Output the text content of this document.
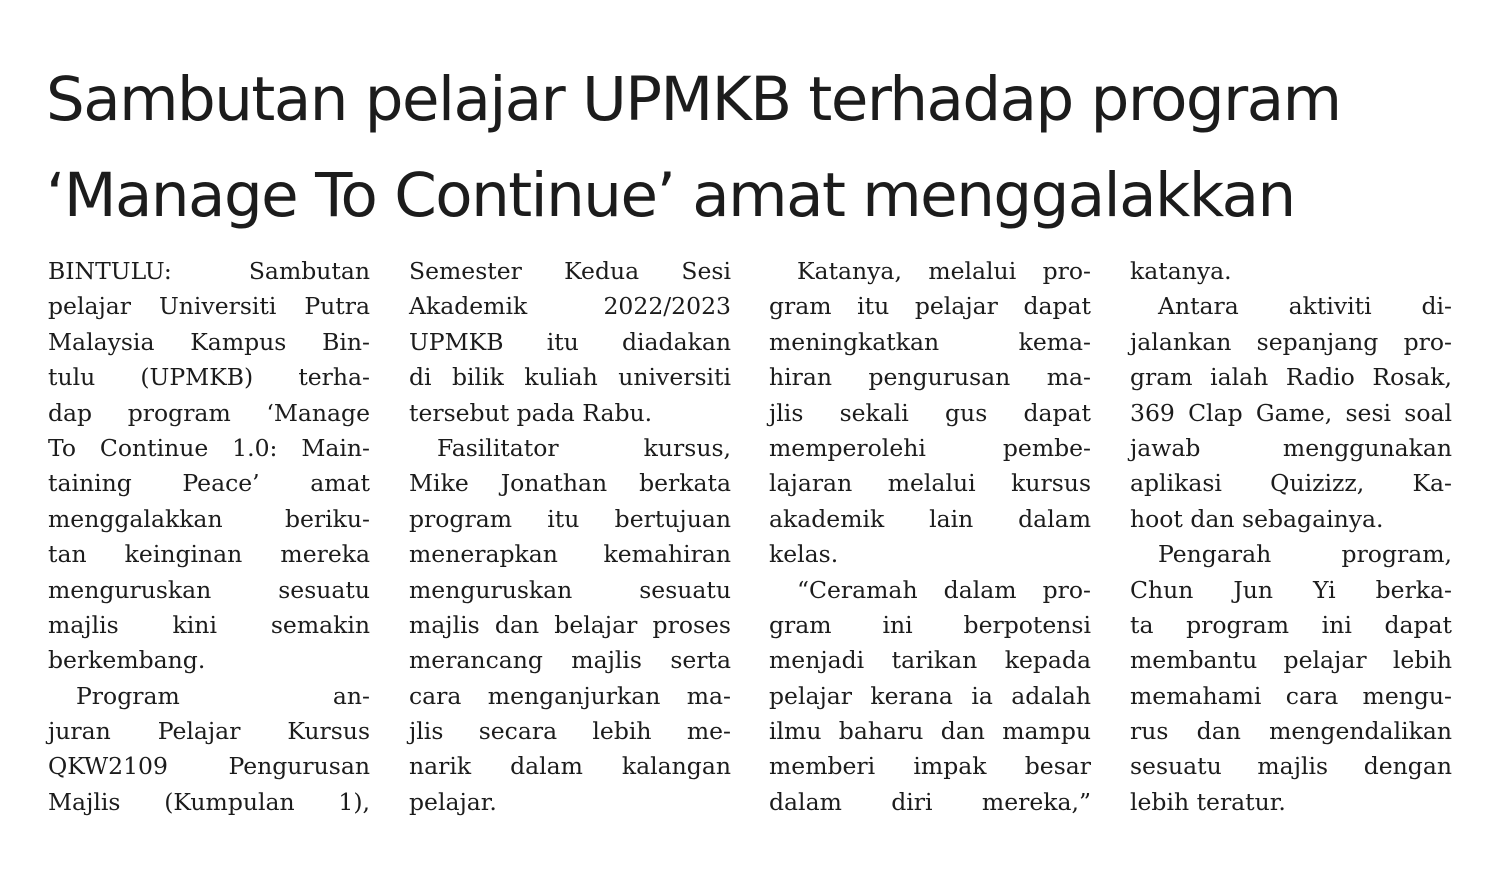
Sambutan pelajar UPMKB terhadap program
‘Manage To Continue’ amat menggalakkan
BINTULU: Sambutan
pelajar Universiti Putra
Malaysia Kampus Bin-
tulu (UPMKB) terha-
dap program ‘Manage
To Continue 1.0: Main-
taining Peace’ amat
menggalakkan beriku-
tan keinginan mereka
menguruskan sesuatu
majlis kini semakin
berkembang.
Program an-
juran Pelajar Kursus
QKW2109 Pengurusan
Majlis (Kumpulan 1),
Semester Kedua Sesi
Akademik 2022/2023
UPMKB itu diadakan
di bilik kuliah universiti
tersebut pada Rabu.
Fasilitator kursus,
Mike Jonathan berkata
program itu bertujuan
menerapkan kemahiran
menguruskan sesuatu
majlis dan belajar proses
merancang majlis serta
cara menganjurkan ma-
jlis secara lebih me-
narik dalam kalangan
pelajar.
Katanya, melalui pro-
gram itu pelajar dapat
meningkatkan kema-
hiran pengurusan ma-
jlis sekali gus dapat
memperolehi pembe-
lajaran melalui kursus
akademik lain dalam
kelas.
“Ceramah dalam pro-
gram ini berpotensi
menjadi tarikan kepada
pelajar kerana ia adalah
ilmu baharu dan mampu
memberi impak besar
dalam diri mereka,”
katanya.
Antara aktiviti di-
jalankan sepanjang pro-
gram ialah Radio Rosak,
369 Clap Game, sesi soal
jawab menggunakan
aplikasi Quizizz, Ka-
hoot dan sebagainya.
Pengarah program,
Chun Jun Yi berka-
ta program ini dapat
membantu pelajar lebih
memahami cara mengu-
rus dan mengendalikan
sesuatu majlis dengan
lebih teratur.
